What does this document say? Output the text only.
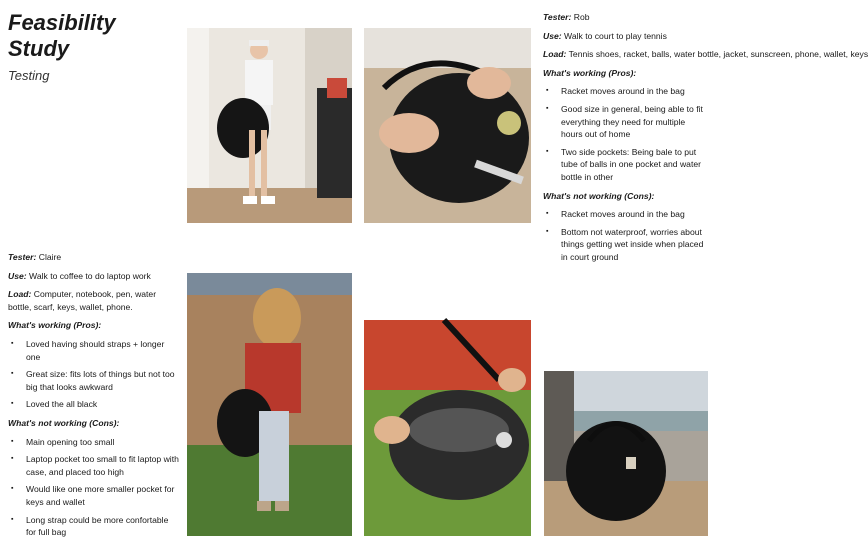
Feasibility Study
Testing

Tester: Rob

Use: Walk to court to play tennis

Load: Tennis shoes, racket, balls, water bottle, jacket, sunscreen, phone, wallet, keys

What's working (Pros):
▪ Racket moves around in the bag
▪ Good size in general, being able to fit everything they need for multiple hours out of home
▪ Two side pockets: Being bale to put tube of balls in one pocket and water bottle in other
What's not working (Cons):
▪ Racket moves around in the bag
▪ Bottom not waterproof, worries about things getting wet inside when placed in court ground

Tester: Claire

Use: Walk to coffee to do laptop work

Load: Computer, notebook, pen, water bottle, scarf, keys, wallet, phone.

What's working (Pros):
▪ Loved having should straps + longer one
▪ Great size: fits lots of things but not too big that looks awkward
▪ Loved the all black
What's not working (Cons):
▪ Main opening too small
▪ Laptop pocket too small to fit laptop with case, and placed too high
▪ Would like one more smaller pocket for keys and wallet
▪ Long strap could be more confortable for full bag
